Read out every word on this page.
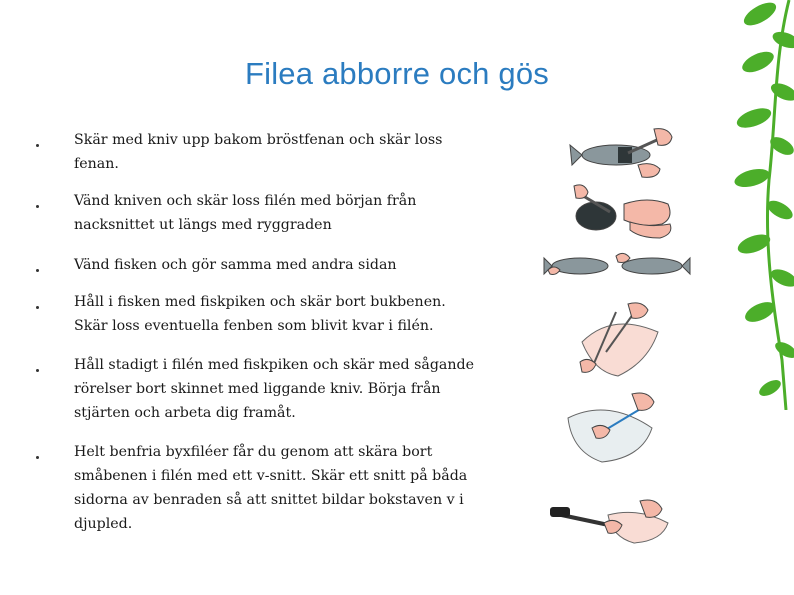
Filea abborre och gös
Skär med kniv upp bakom bröstfenan och skär loss fenan.
Vänd kniven och skär loss filén med början från nacksnittet ut längs med ryggraden
Vänd fisken och gör samma med andra sidan
Håll i fisken med fiskpiken och skär bort bukbenen. Skär loss eventuella fenben som blivit kvar i filén.
Håll stadigt i filén med fiskpiken och skär med sågande rörelser bort skinnet med liggande kniv. Börja från stjärten och arbeta dig framåt.
Helt benfria byxfiléer får du genom att skära bort småbenen i filén med ett v-snitt. Skär ett snitt på båda sidorna av benraden så att snittet bildar bokstaven v i djupled.
